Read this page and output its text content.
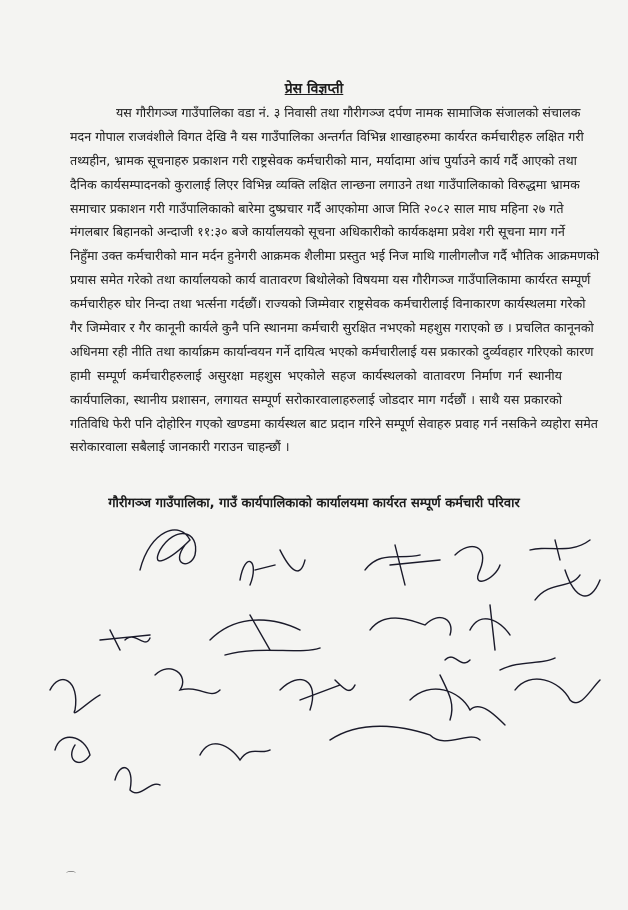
प्रेस विज्ञप्ती
यस गौरीगञ्ज गाउँपालिका वडा नं. ३ निवासी तथा गौरीगञ्ज दर्पण नामक सामाजिक संजालको संचालक
मदन गोपाल राजवंशीले विगत देखि नै यस गाउँपालिका अन्तर्गत विभिन्न शाखाहरुमा कार्यरत कर्मचारीहरु लक्षित गरी
तथ्यहीन, भ्रामक सूचनाहरु प्रकाशन गरी राष्ट्रसेवक कर्मचारीको मान, मर्यादामा आंच पुर्याउने कार्य गर्दै आएको तथा
दैनिक कार्यसम्पादनको कुरालाई लिएर विभिन्न व्यक्ति लक्षित लान्छना लगाउने तथा गाउँपालिकाको विरुद्धमा भ्रामक
समाचार प्रकाशन गरी गाउँपालिकाको बारेमा दुष्प्रचार गर्दै आएकोमा आज मिति २०८२ साल माघ महिना २७ गते
मंगलबार बिहानको अन्दाजी ११:३० बजे कार्यालयको सूचना अधिकारीको कार्यकक्षमा प्रवेश गरी सूचना माग गर्ने
निहुँमा उक्त कर्मचारीको मान मर्दन हुनेगरी आक्रमक शैलीमा प्रस्तुत भई निज माथि गालीगलौज गर्दै भौतिक आक्रमणको
प्रयास समेत गरेको तथा कार्यालयको कार्य वातावरण बिथोलेको विषयमा यस गौरीगञ्ज गाउँपालिकामा कार्यरत सम्पूर्ण
कर्मचारीहरु घोर निन्दा तथा भर्त्सना गर्दछौं। राज्यको जिम्मेवार राष्ट्रसेवक कर्मचारीलाई विनाकारण कार्यस्थलमा गरेको
गैर जिम्मेवार र गैर कानूनी कार्यले कुनै पनि स्थानमा कर्मचारी सुरक्षित नभएको महशुस गराएको छ । प्रचलित कानूनको
अधिनमा रही नीति तथा कार्याक्रम कार्यान्वयन गर्ने दायित्व भएको कर्मचारीलाई यस प्रकारको दुर्व्यवहार गरिएको कारण
हामी सम्पूर्ण कर्मचारीहरुलाई असुरक्षा महशुस भएकोले सहज कार्यस्थलको वातावरण निर्माण गर्न स्थानीय
कार्यपालिका, स्थानीय प्रशासन, लगायत सम्पूर्ण सरोकारवालाहरुलाई जोडदार माग गर्दछौं । साथै यस प्रकारको
गतिविधि फेरी पनि दोहोरिन गएको खण्डमा कार्यस्थल बाट प्रदान गरिने सम्पूर्ण सेवाहरु प्रवाह गर्न नसकिने व्यहोरा समेत
सरोकारवाला सबैलाई जानकारी गराउन चाहन्छौं ।
गौरीगञ्ज गाउँपालिका, गाउँ कार्यपालिकाको कार्यालयमा कार्यरत सम्पूर्ण कर्मचारी परिवार
⌒
